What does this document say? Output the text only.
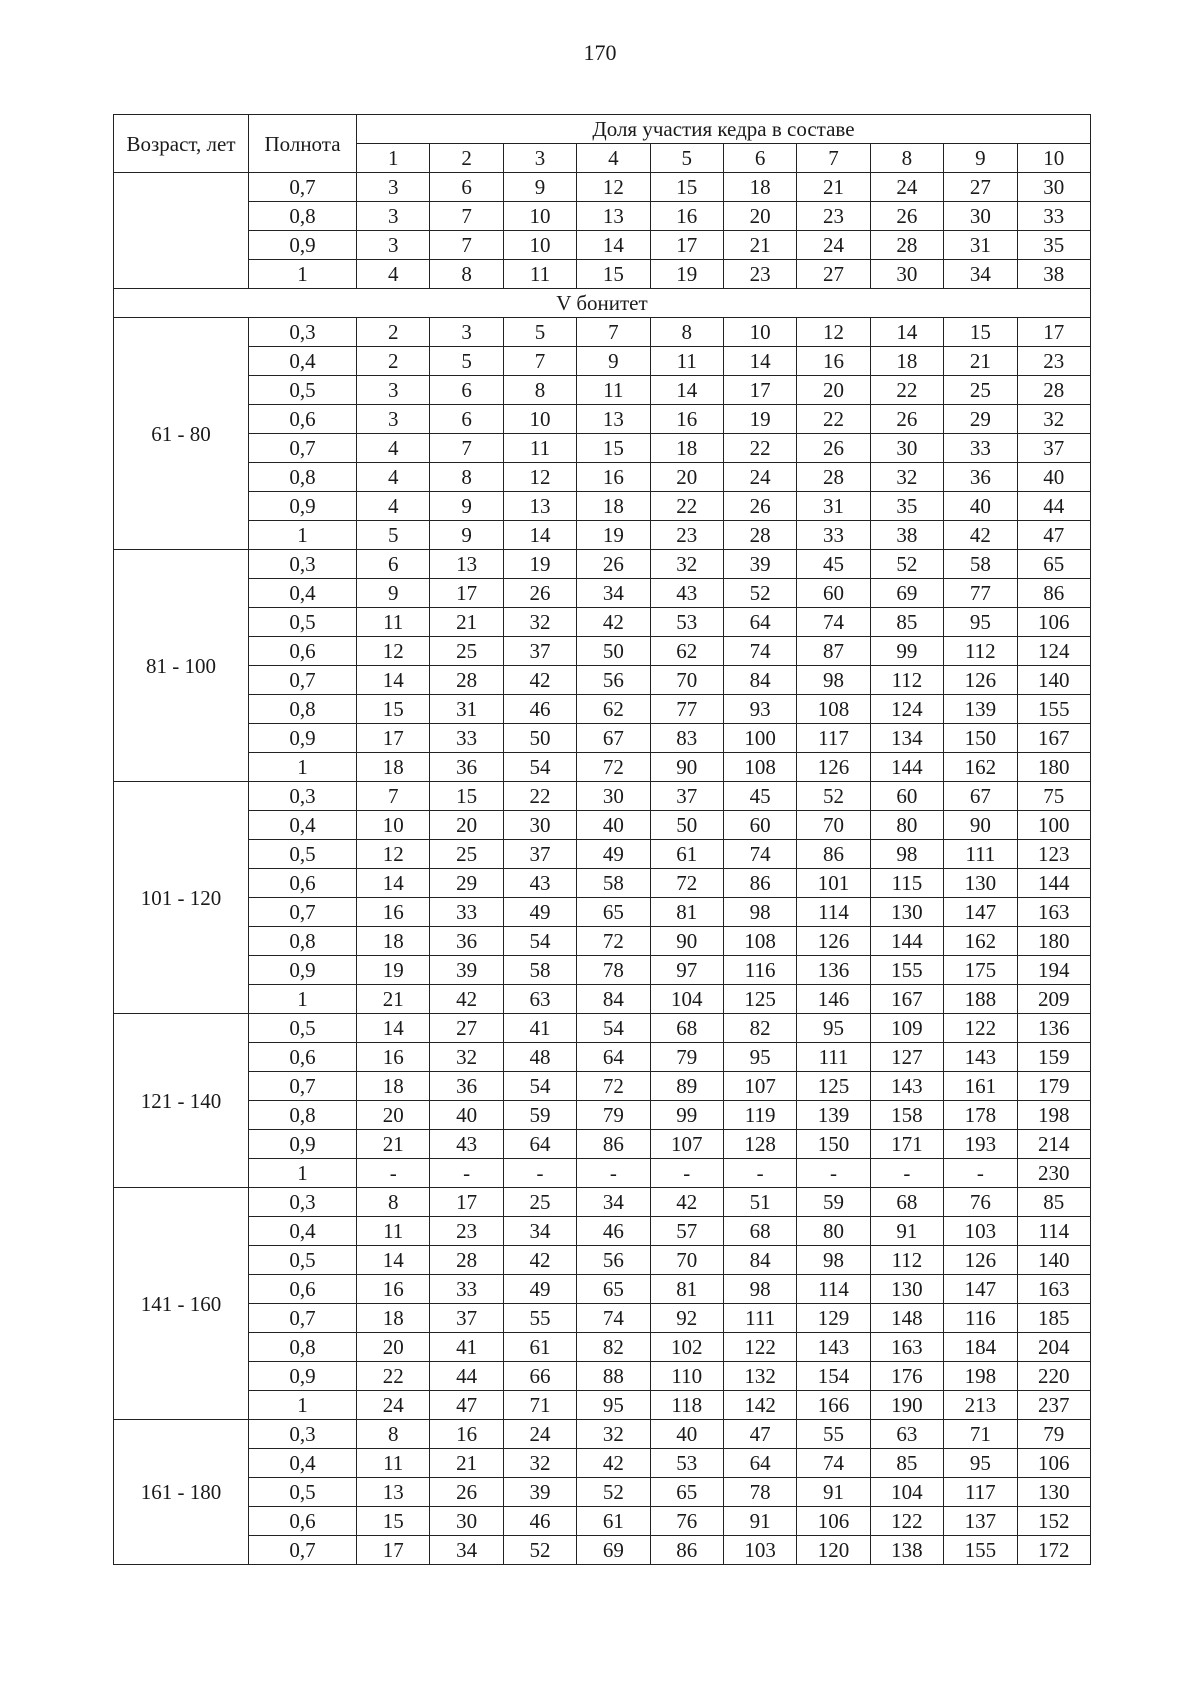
170
Возраст, лет	Полнота	Доля участия кедра в составе									
		1	2	3	4	5	6	7	8	9	10
	0,7	3	6	9	12	15	18	21	24	27	30
	0,8	3	7	10	13	16	20	23	26	30	33
	0,9	3	7	10	14	17	21	24	28	31	35
	1	4	8	11	15	19	23	27	30	34	38
V бонитет											
61 - 80	0,3	2	3	5	7	8	10	12	14	15	17
	0,4	2	5	7	9	11	14	16	18	21	23
	0,5	3	6	8	11	14	17	20	22	25	28
	0,6	3	6	10	13	16	19	22	26	29	32
	0,7	4	7	11	15	18	22	26	30	33	37
	0,8	4	8	12	16	20	24	28	32	36	40
	0,9	4	9	13	18	22	26	31	35	40	44
	1	5	9	14	19	23	28	33	38	42	47
81 - 100	0,3	6	13	19	26	32	39	45	52	58	65
	0,4	9	17	26	34	43	52	60	69	77	86
	0,5	11	21	32	42	53	64	74	85	95	106
	0,6	12	25	37	50	62	74	87	99	112	124
	0,7	14	28	42	56	70	84	98	112	126	140
	0,8	15	31	46	62	77	93	108	124	139	155
	0,9	17	33	50	67	83	100	117	134	150	167
	1	18	36	54	72	90	108	126	144	162	180
101 - 120	0,3	7	15	22	30	37	45	52	60	67	75
	0,4	10	20	30	40	50	60	70	80	90	100
	0,5	12	25	37	49	61	74	86	98	111	123
	0,6	14	29	43	58	72	86	101	115	130	144
	0,7	16	33	49	65	81	98	114	130	147	163
	0,8	18	36	54	72	90	108	126	144	162	180
	0,9	19	39	58	78	97	116	136	155	175	194
	1	21	42	63	84	104	125	146	167	188	209
121 - 140	0,5	14	27	41	54	68	82	95	109	122	136
	0,6	16	32	48	64	79	95	111	127	143	159
	0,7	18	36	54	72	89	107	125	143	161	179
	0,8	20	40	59	79	99	119	139	158	178	198
	0,9	21	43	64	86	107	128	150	171	193	214
	1	-	-	-	-	-	-	-	-	-	230
141 - 160	0,3	8	17	25	34	42	51	59	68	76	85
	0,4	11	23	34	46	57	68	80	91	103	114
	0,5	14	28	42	56	70	84	98	112	126	140
	0,6	16	33	49	65	81	98	114	130	147	163
	0,7	18	37	55	74	92	111	129	148	116	185
	0,8	20	41	61	82	102	122	143	163	184	204
	0,9	22	44	66	88	110	132	154	176	198	220
	1	24	47	71	95	118	142	166	190	213	237
161 - 180	0,3	8	16	24	32	40	47	55	63	71	79
	0,4	11	21	32	42	53	64	74	85	95	106
	0,5	13	26	39	52	65	78	91	104	117	130
	0,6	15	30	46	61	76	91	106	122	137	152
	0,7	17	34	52	69	86	103	120	138	155	172
